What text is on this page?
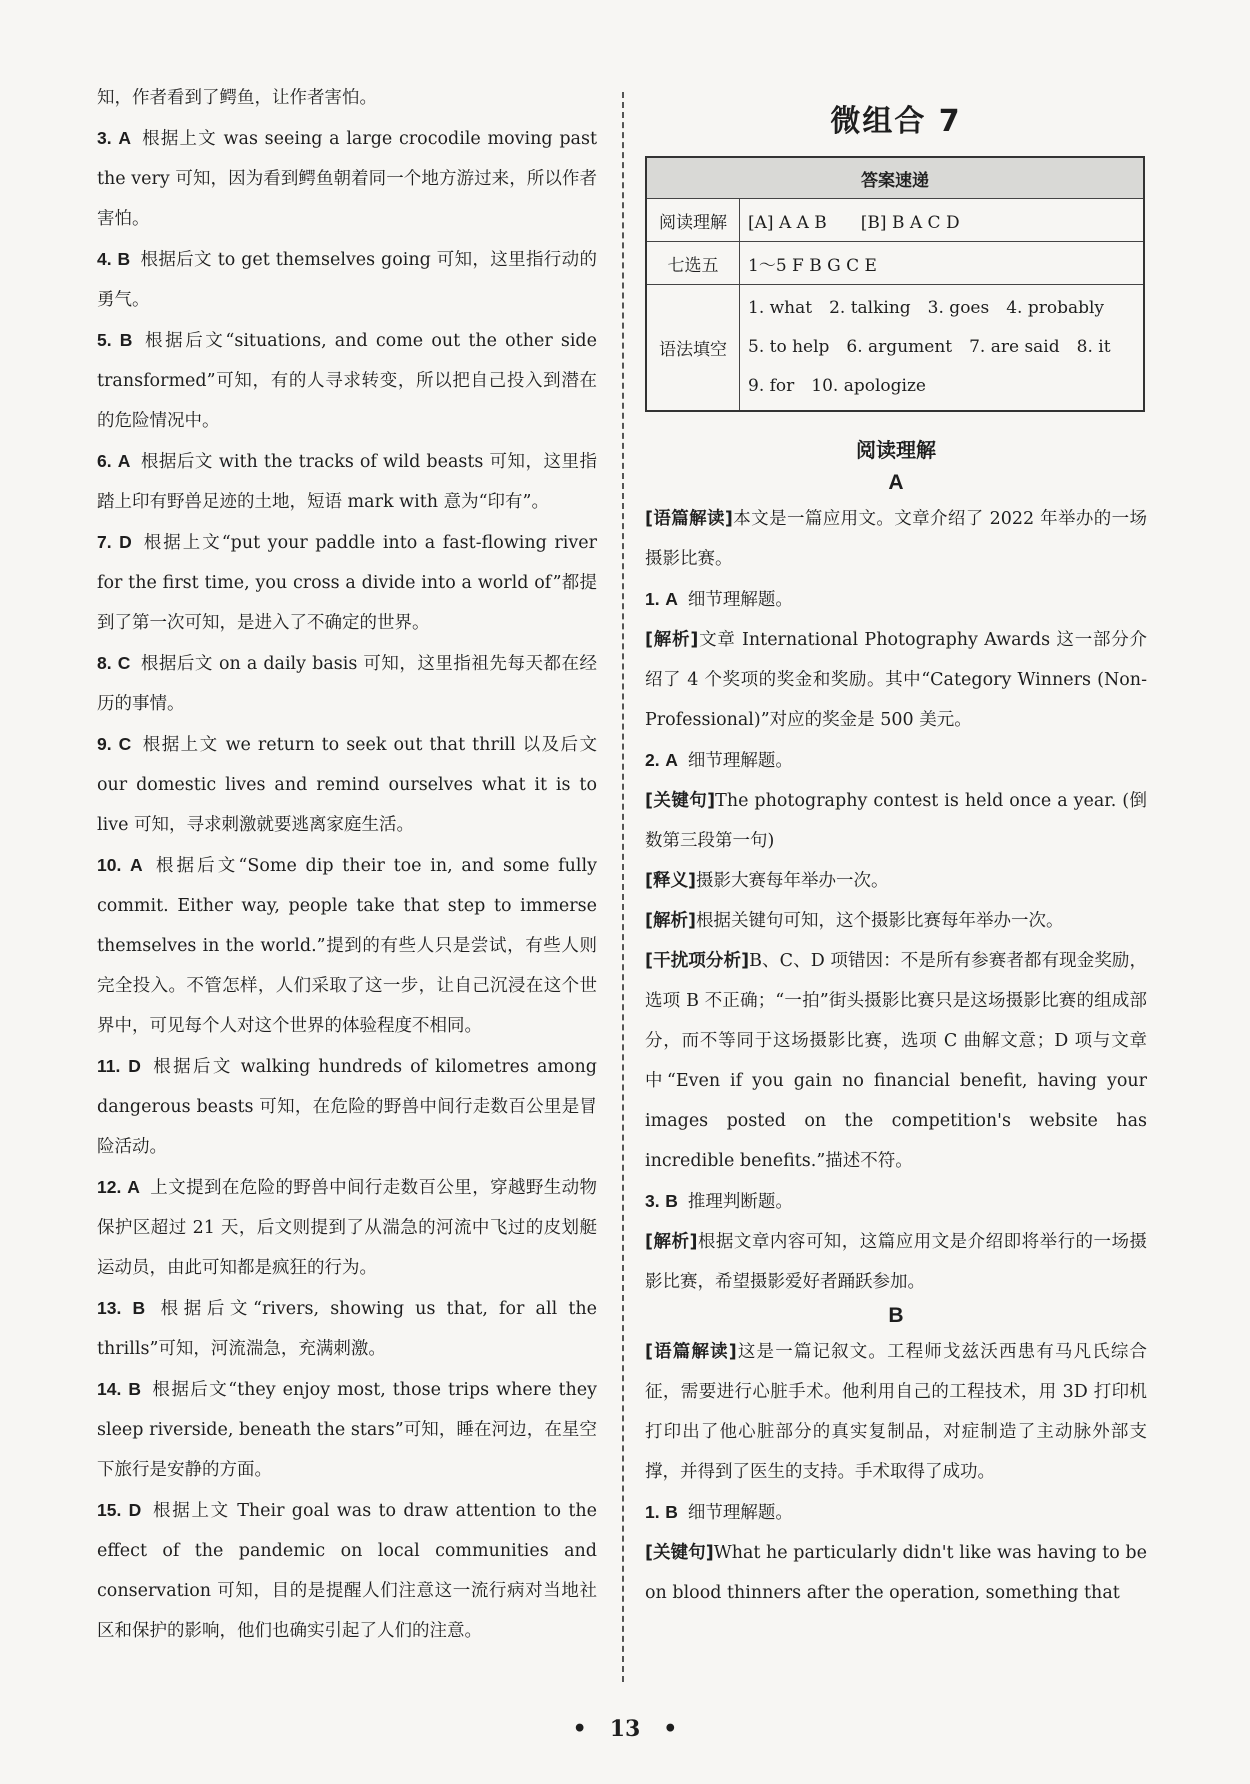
知，作者看到了鳄鱼，让作者害怕。

3. A 根据上文 was seeing a large crocodile moving past the very 可知，因为看到鳄鱼朝着同一个地方游过来，所以作者害怕。

4. B 根据后文 to get themselves going 可知，这里指行动的勇气。

5. B 根据后文“situations, and come out the other side transformed”可知，有的人寻求转变，所以把自己投入到潜在的危险情况中。

6. A 根据后文 with the tracks of wild beasts 可知，这里指踏上印有野兽足迹的土地，短语 mark with 意为“印有”。

7. D 根据上文“put your paddle into a fast-flowing river for the first time, you cross a divide into a world of”都提到了第一次可知，是进入了不确定的世界。

8. C 根据后文 on a daily basis 可知，这里指祖先每天都在经历的事情。

9. C 根据上文 we return to seek out that thrill 以及后文 our domestic lives and remind ourselves what it is to live 可知，寻求刺激就要逃离家庭生活。

10. A 根据后文“Some dip their toe in, and some fully commit. Either way, people take that step to immerse themselves in the world.”提到的有些人只是尝试，有些人则完全投入。不管怎样，人们采取了这一步，让自己沉浸在这个世界中，可见每个人对这个世界的体验程度不相同。

11. D 根据后文 walking hundreds of kilometres among dangerous beasts 可知，在危险的野兽中间行走数百公里是冒险活动。

12. A 上文提到在危险的野兽中间行走数百公里，穿越野生动物保护区超过 21 天，后文则提到了从湍急的河流中飞过的皮划艇运动员，由此可知都是疯狂的行为。

13. B 根据后文“rivers, showing us that, for all the thrills”可知，河流湍急，充满刺激。

14. B 根据后文“they enjoy most, those trips where they sleep riverside, beneath the stars”可知，睡在河边，在星空下旅行是安静的方面。

15. D 根据上文 Their goal was to draw attention to the effect of the pandemic on local communities and conservation 可知，目的是提醒人们注意这一流行病对当地社区和保护的影响，他们也确实引起了人们的注意。

微组合 7
答案速递	
阅读理解	[A] A A B　　[B] B A C D
七选五	1～5 F B G C E
语法填空	1. what　2. talking　3. goes　4. probably　5. to help　6. argument　7. are said　8. it　9. for　10. apologize
阅读理解
A

[语篇解读]本文是一篇应用文。文章介绍了 2022 年举办的一场摄影比赛。

1. A 细节理解题。

[解析]文章 International Photography Awards 这一部分介绍了 4 个奖项的奖金和奖励。其中“Category Winners (Non-Professional)”对应的奖金是 500 美元。

2. A 细节理解题。

[关键句]The photography contest is held once a year. (倒数第三段第一句)

[释义]摄影大赛每年举办一次。

[解析]根据关键句可知，这个摄影比赛每年举办一次。

[干扰项分析]B、C、D 项错因：不是所有参赛者都有现金奖励，选项 B 不正确；“一拍”街头摄影比赛只是这场摄影比赛的组成部分，而不等同于这场摄影比赛，选项 C 曲解文意；D 项与文章中“Even if you gain no financial benefit, having your images posted on the competition's website has incredible benefits.”描述不符。

3. B 推理判断题。

[解析]根据文章内容可知，这篇应用文是介绍即将举行的一场摄影比赛，希望摄影爱好者踊跃参加。

B

[语篇解读]这是一篇记叙文。工程师戈兹沃西患有马凡氏综合征，需要进行心脏手术。他利用自己的工程技术，用 3D 打印机打印出了他心脏部分的真实复制品，对症制造了主动脉外部支撑，并得到了医生的支持。手术取得了成功。

1. B 细节理解题。

[关键句]What he particularly didn't like was having to be on blood thinners after the operation, something that

• 13 •
